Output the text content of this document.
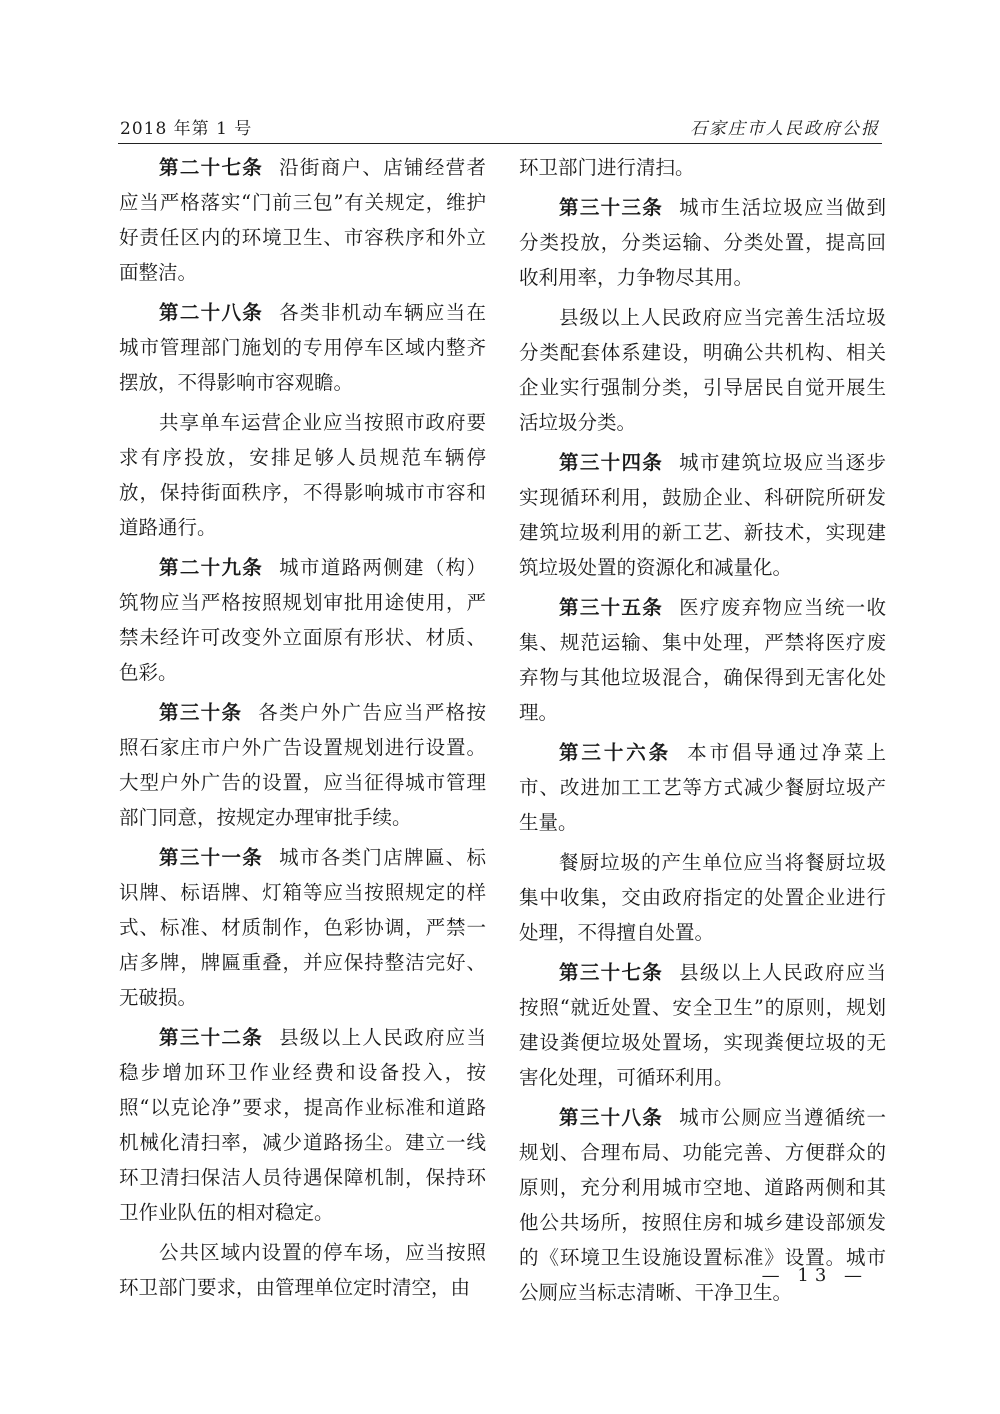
2018 年第 1 号	石家庄市人民政府公报

第二十七条 沿街商户、店铺经营者应当严格落实“门前三包”有关规定，维护好责任区内的环境卫生、市容秩序和外立面整洁。

第二十八条 各类非机动车辆应当在城市管理部门施划的专用停车区域内整齐摆放，不得影响市容观瞻。

共享单车运营企业应当按照市政府要求有序投放，安排足够人员规范车辆停放，保持街面秩序，不得影响城市市容和道路通行。

第二十九条 城市道路两侧建（构）筑物应当严格按照规划审批用途使用，严禁未经许可改变外立面原有形状、材质、色彩。

第三十条 各类户外广告应当严格按照石家庄市户外广告设置规划进行设置。大型户外广告的设置，应当征得城市管理部门同意，按规定办理审批手续。

第三十一条 城市各类门店牌匾、标识牌、标语牌、灯箱等应当按照规定的样式、标准、材质制作，色彩协调，严禁一店多牌，牌匾重叠，并应保持整洁完好、无破损。

第三十二条 县级以上人民政府应当稳步增加环卫作业经费和设备投入，按照“以克论净”要求，提高作业标准和道路机械化清扫率，减少道路扬尘。建立一线环卫清扫保洁人员待遇保障机制，保持环卫作业队伍的相对稳定。

公共区域内设置的停车场，应当按照环卫部门要求，由管理单位定时清空，由

环卫部门进行清扫。

第三十三条 城市生活垃圾应当做到分类投放，分类运输、分类处置，提高回收利用率，力争物尽其用。

县级以上人民政府应当完善生活垃圾分类配套体系建设，明确公共机构、相关企业实行强制分类，引导居民自觉开展生活垃圾分类。

第三十四条 城市建筑垃圾应当逐步实现循环利用，鼓励企业、科研院所研发建筑垃圾利用的新工艺、新技术，实现建筑垃圾处置的资源化和减量化。

第三十五条 医疗废弃物应当统一收集、规范运输、集中处理，严禁将医疗废弃物与其他垃圾混合，确保得到无害化处理。

第三十六条 本市倡导通过净菜上市、改进加工工艺等方式减少餐厨垃圾产生量。

餐厨垃圾的产生单位应当将餐厨垃圾集中收集，交由政府指定的处置企业进行处理，不得擅自处置。

第三十七条 县级以上人民政府应当按照“就近处置、安全卫生”的原则，规划建设粪便垃圾处置场，实现粪便垃圾的无害化处理，可循环利用。

第三十八条 城市公厕应当遵循统一规划、合理布局、功能完善、方便群众的原则，充分利用城市空地、道路两侧和其他公共场所，按照住房和城乡建设部颁发的《环境卫生设施设置标准》设置。城市公厕应当标志清晰、干净卫生。

— 13 —
